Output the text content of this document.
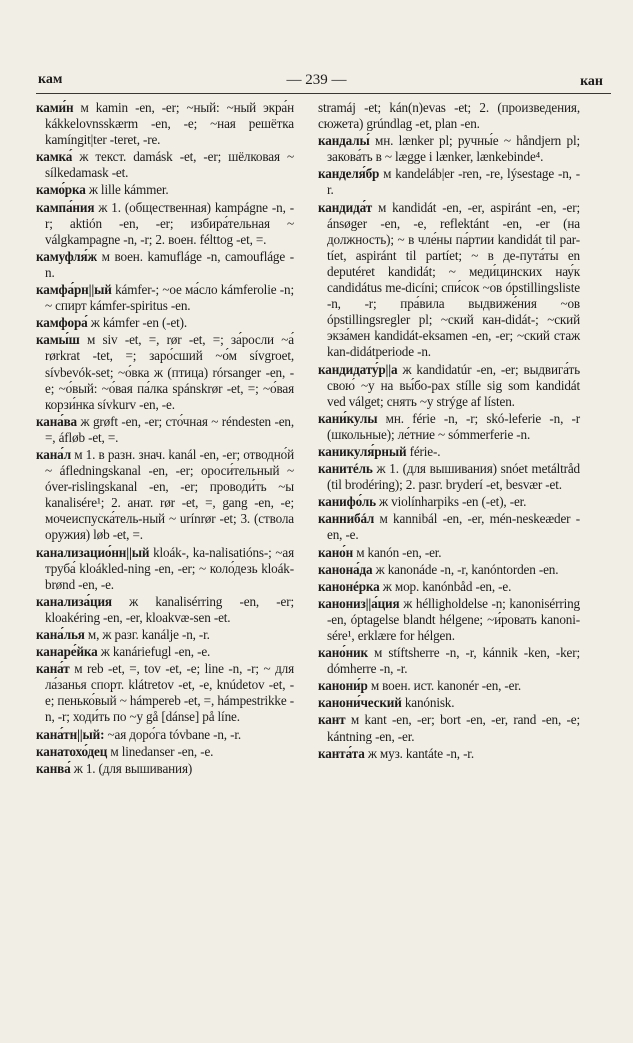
кам	— 239 —	кан
ками́н м kamin -en, -er; ~ный: ~ный экра́н kákkelovnsskærm -en, -e; ~ная решётка kamíngit|ter -teret, -re.
камка́ ж текст. damásk -et, -er; шёлковая ~ sílkedamask -et.
камо́рка ж lille kámmer.
кампа́ния ж 1. (общественная) kampágne -n, -r; aktión -en, -er; избира́тельная ~ válgkampagne -n, -r; 2. воен. félttog -et, =.
камуфля́ж м воен. kamufláge -n, camoufláge -n.
камфа́рн||ый kámfer-; ~ое ма́сло kámferolie -n; ~ спирт kámfer-spiritus -en.
камфора́ ж kámfer -en (-et).
камы́ш м siv -et, =, rør -et, =; за́росли ~а́ rørkrat -tet, =; заро́сший ~о́м sívgroet, sívbevók-set; ~о́вка ж (птица) rórsanger -en, -e; ~о́вый: ~о́вая па́лка spánskrør -et, =; ~о́вая корзи́нка sívkurv -en, -e.
кана́ва ж grøft -en, -er; сто́чная ~ réndesten -en, =, áfløb -et, =.
кана́л м 1. в разн. знач. kanál -en, -er; отводно́й ~ áfledningskanal -en, -er; ороси́тельный ~ óver-rislingskanal -en, -er; проводи́ть ~ы kanalisére¹; 2. анат. rør -et, =, gang -en, -e; мочеиспуска́тель-ный ~ urínrør -et; 3. (ствола оружия) løb -et, =.
канализацио́нн||ый kloák-, ka-nalisatións-; ~ая труба́ kloákled-ning -en, -er; ~ коло́дезь kloák-brønd -en, -e.
канализа́ция ж kanalisérring -en, -er; kloakéring -en, -er, kloakvæ-sen -et.
кана́лья м, ж разг. kanálje -n, -r.
канаре́йка ж kanáriefugl -en, -e.
кана́т м reb -et, =, tov -et, -e; line -n, -r; ~ для ла́занья спорт. klátretov -et, -e, knúdetov -et, -e; пенько́вый ~ hámpereb -et, =, hámpestrikke -n, -r; ходи́ть по ~у gå [dánse] på líne.
кана́тн||ый: ~ая доро́га tóvbane -n, -r.
канатохо́дец м linedanser -en, -e.
канва́ ж 1. (для вышивания)
stramáj -et; kán(n)evas -et; 2. (произведения, сюжета) grúndlag -et, plan -en.
кандалы́ мн. lænker pl; ручны́е ~ håndjern pl; закова́ть в ~ lægge i lænker, lænkebinde⁴.
канделя́бр м kandeláb|er -ren, -re, lýsestage -n, -r.
кандида́т м kandidát -en, -er, aspiránt -en, -er; ánsøger -en, -e, reflektánt -en, -er (на должность); ~ в чле́ны па́ртии kandidát til par-tíet, aspiránt til partíet; ~ в де-пута́ты en deputéret kandidát; ~ меди́цинских нау́к candidátus me-dicíni; спи́сок ~ов ópstillingsliste -n, -r; пра́вила выдвиже́ния ~ов ópstillingsregler pl; ~ский кан-didát-; ~ский экза́мен kandidát-eksamen -en, -er; ~ский стаж kan-didátperiode -n.
кандидату́р||а ж kandidatúr -en, -er; выдвига́ть свою́ ~у на вы́бо-рах stílle sig som kandidát ved válget; снять ~у strýge af lísten.
кани́кулы мн. férie -n, -r; skó-leferie -n, -r (школьные); ле́тние ~ sómmerferie -n.
каникуля́рный férie-.
канитéль ж 1. (для вышивания) snóet metáltråd (til brodéring); 2. разг. bryderí -et, besvær -et.
канифо́ль ж violínharpiks -en (-et), -er.
каннибáл м kannibál -en, -er, mén-neskeæder -en, -e.
кано́н м kanón -en, -er.
канона́да ж kanonáde -n, -r, kanóntorden -en.
канонéрка ж мор. kanónbåd -en, -e.
канониз||а́ция ж hélligholdelse -n; kanonisérring -en, óptagelse blandt hélgene; ~и́ровать kanoni-sére¹, erklære for hélgen.
кано́ник м stíftsherre -n, -r, kánnik -ken, -ker; dómherre -n, -r.
канони́р м воен. ист. kanonér -en, -er.
канони́ческий kanónisk.
кант м kant -en, -er; bort -en, -er, rand -en, -e; kántning -en, -er.
канта́та ж муз. kantáte -n, -r.
